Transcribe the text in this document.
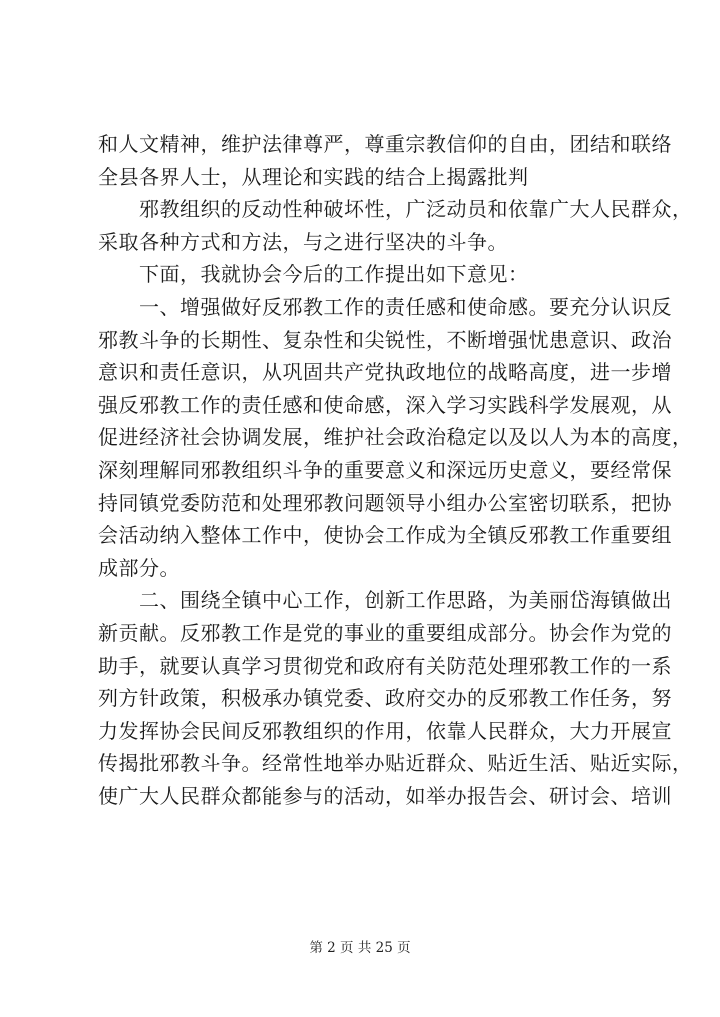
和人文精神，维护法律尊严，尊重宗教信仰的自由，团结和联络
全县各界人士，从理论和实践的结合上揭露批判
邪教组织的反动性种破坏性，广泛动员和依靠广大人民群众，
采取各种方式和方法，与之进行坚决的斗争。
下面，我就协会今后的工作提出如下意见：
一、增强做好反邪教工作的责任感和使命感。要充分认识反
邪教斗争的长期性、复杂性和尖锐性，不断增强忧患意识、政治
意识和责任意识，从巩固共产党执政地位的战略高度，进一步增
强反邪教工作的责任感和使命感，深入学习实践科学发展观，从
促进经济社会协调发展，维护社会政治稳定以及以人为本的高度，
深刻理解同邪教组织斗争的重要意义和深远历史意义，要经常保
持同镇党委防范和处理邪教问题领导小组办公室密切联系，把协
会活动纳入整体工作中，使协会工作成为全镇反邪教工作重要组
成部分。
二、围绕全镇中心工作，创新工作思路，为美丽岱海镇做出
新贡献。反邪教工作是党的事业的重要组成部分。协会作为党的
助手，就要认真学习贯彻党和政府有关防范处理邪教工作的一系
列方针政策，积极承办镇党委、政府交办的反邪教工作任务，努
力发挥协会民间反邪教组织的作用，依靠人民群众，大力开展宣
传揭批邪教斗争。经常性地举办贴近群众、贴近生活、贴近实际，
使广大人民群众都能参与的活动，如举办报告会、研讨会、培训
第 2 页 共 25 页
